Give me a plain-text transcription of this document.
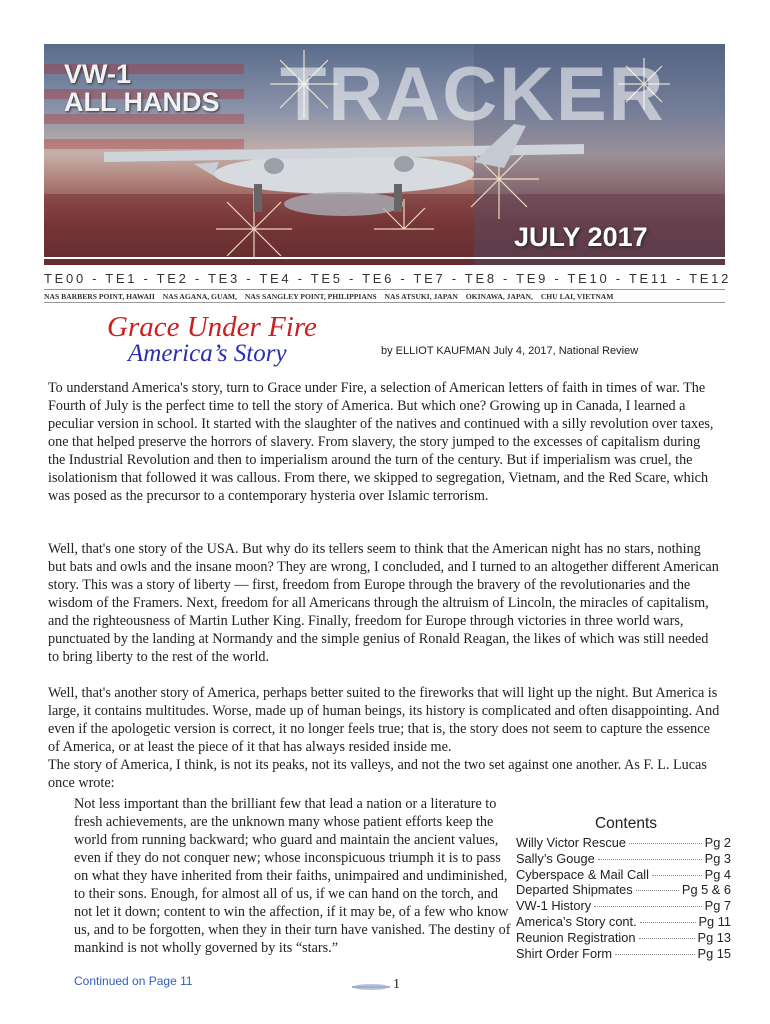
VW-1
ALL HANDS TRACKER
JULY 2017
TE00 - TE1 - TE2 - TE3 - TE4 - TE5 - TE6 - TE7 - TE8 - TE9 - TE10 - TE11 - TE12
NAS BARBERS POINT, HAWAII NAS AGANA, GUAM, NAS SANGLEY POINT, PHILIPPIANS NAS ATSUKI, JAPAN OKINAWA, JAPAN, CHU LAI, VIETNAM
Grace Under Fire
America’s Story	by ELLIOT KAUFMAN July 4, 2017, National Review

To understand America's story, turn to Grace under Fire, a selection of American letters of faith in times of war. The Fourth of July is the perfect time to tell the story of America. But which one? Growing up in Canada, I learned a peculiar version in school. It started with the slaughter of the natives and continued with a silly revolution over taxes, one that helped preserve the horrors of slavery. From slavery, the story jumped to the excesses of capitalism during the Industrial Revolution and then to imperialism around the turn of the century. But if imperialism was cruel, the isolationism that followed it was callous. From there, we skipped to segregation, Vietnam, and the Red Scare, which was posed as the precursor to a contemporary hysteria over Islamic terrorism.

Well, that's one story of the USA. But why do its tellers seem to think that the American night has no stars, nothing but bats and owls and the insane moon? They are wrong, I concluded, and I turned to an altogether different American story. This was a story of liberty — first, freedom from Europe through the bravery of the revolutionaries and the wisdom of the Framers. Next, freedom for all Americans through the altruism of Lincoln, the miracles of capitalism, and the righteousness of Martin Luther King. Finally, freedom for Europe through victories in three world wars, punctuated by the landing at Normandy and the simple genius of Ronald Reagan, the likes of which was still needed to bring liberty to the rest of the world.

Well, that's another story of America, perhaps better suited to the fireworks that will light up the night. But America is large, it contains multitudes. Worse, made up of human beings, its history is complicated and often disappointing. And even if the apologetic version is correct, it no longer feels true; that is, the story does not seem to capture the essence of America, or at least the piece of it that has always resided inside me.

The story of America, I think, is not its peaks, not its valleys, and not the two set against one another. As F. L. Lucas once wrote:

Not less important than the brilliant few that lead a nation or a literature to fresh achievements, are the unknown many whose patient efforts keep the world from running backward; who guard and maintain the ancient values, even if they do not conquer new; whose inconspicuous triumph it is to pass on what they have inherited from their faiths, unimpaired and undiminished, to their sons. Enough, for almost all of us, if we can hand on the torch, and not let it down; content to win the affection, if it may be, of a few who know us, and to be forgotten, when they in their turn have vanished. The destiny of mankind is not wholly governed by its “stars.”

Continued on Page 11
Contents
Willy Victor Rescue	Pg 2
Sally’s Gouge	Pg 3
Cyberspace & Mail Call	Pg 4
Departed Shipmates	Pg 5 & 6
VW-1 History	Pg 7
America’s Story cont.	Pg 11
Reunion Registration	Pg 13
Shirt Order Form	Pg 15
1
